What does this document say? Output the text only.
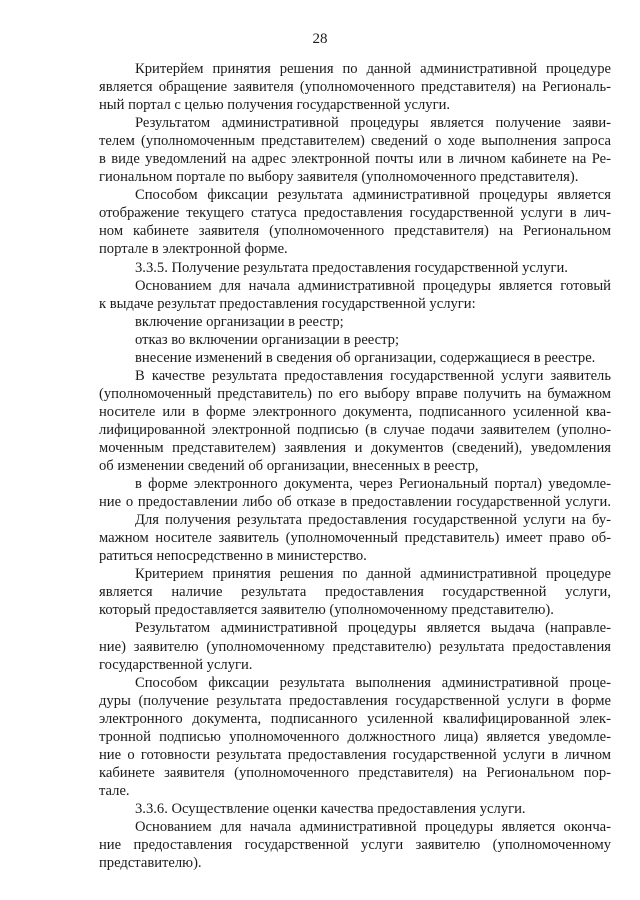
28
Критерйем принятия решения по данной административной процедуре
является обращение заявителя (уполномоченного представителя) на Региональ-
ный портал с целью получения государственной услуги.
Результатом административной процедуры является получение заяви-
телем (уполномоченным представителем) сведений о ходе выполнения запроса
в виде уведомлений на адрес электронной почты или в личном кабинете на Ре-
гиональном портале по выбору заявителя (уполномоченного представителя).
Способом фиксации результата административной процедуры является
отображение текущего статуса предоставления государственной услуги в лич-
ном кабинете заявителя (уполномоченного представителя) на Региональном
портале в электронной форме.
3.3.5. Получение результата предоставления государственной услуги.
Основанием для начала административной процедуры является готовый
к выдаче результат предоставления государственной услуги:
включение организации в реестр;
отказ во включении организации в реестр;
внесение изменений в сведения об организации, содержащиеся в реестре.
В качестве результата предоставления государственной услуги заявитель
(уполномоченный представитель) по его выбору вправе получить на бумажном
носителе или в форме электронного документа, подписанного усиленной ква-
лифицированной электронной подписью (в случае подачи заявителем (уполно-
моченным представителем) заявления и документов (сведений), уведомления
об изменении сведений об организации, внесенных в реестр,
в форме электронного документа, через Региональный портал) уведомле-
ние о предоставлении либо об отказе в предоставлении государственной услуги.
Для получения результата предоставления государственной услуги на бу-
мажном носителе заявитель (уполномоченный представитель) имеет право об-
ратиться непосредственно в министерство.
Критерием принятия решения по данной административной процедуре
является наличие результата предоставления государственной услуги,
который предоставляется заявителю (уполномоченному представителю).
Результатом административной процедуры является выдача (направле-
ние) заявителю (уполномоченному представителю) результата предоставления
государственной услуги.
Способом фиксации результата выполнения административной проце-
дуры (получение результата предоставления государственной услуги в форме
электронного документа, подписанного усиленной квалифицированной элек-
тронной подписью уполномоченного должностного лица) является уведомле-
ние о готовности результата предоставления государственной услуги в личном
кабинете заявителя (уполномоченного представителя) на Региональном пор-
тале.
3.3.6. Осуществление оценки качества предоставления услуги.
Основанием для начала административной процедуры является оконча-
ние предоставления государственной услуги заявителю (уполномоченному
представителю).
